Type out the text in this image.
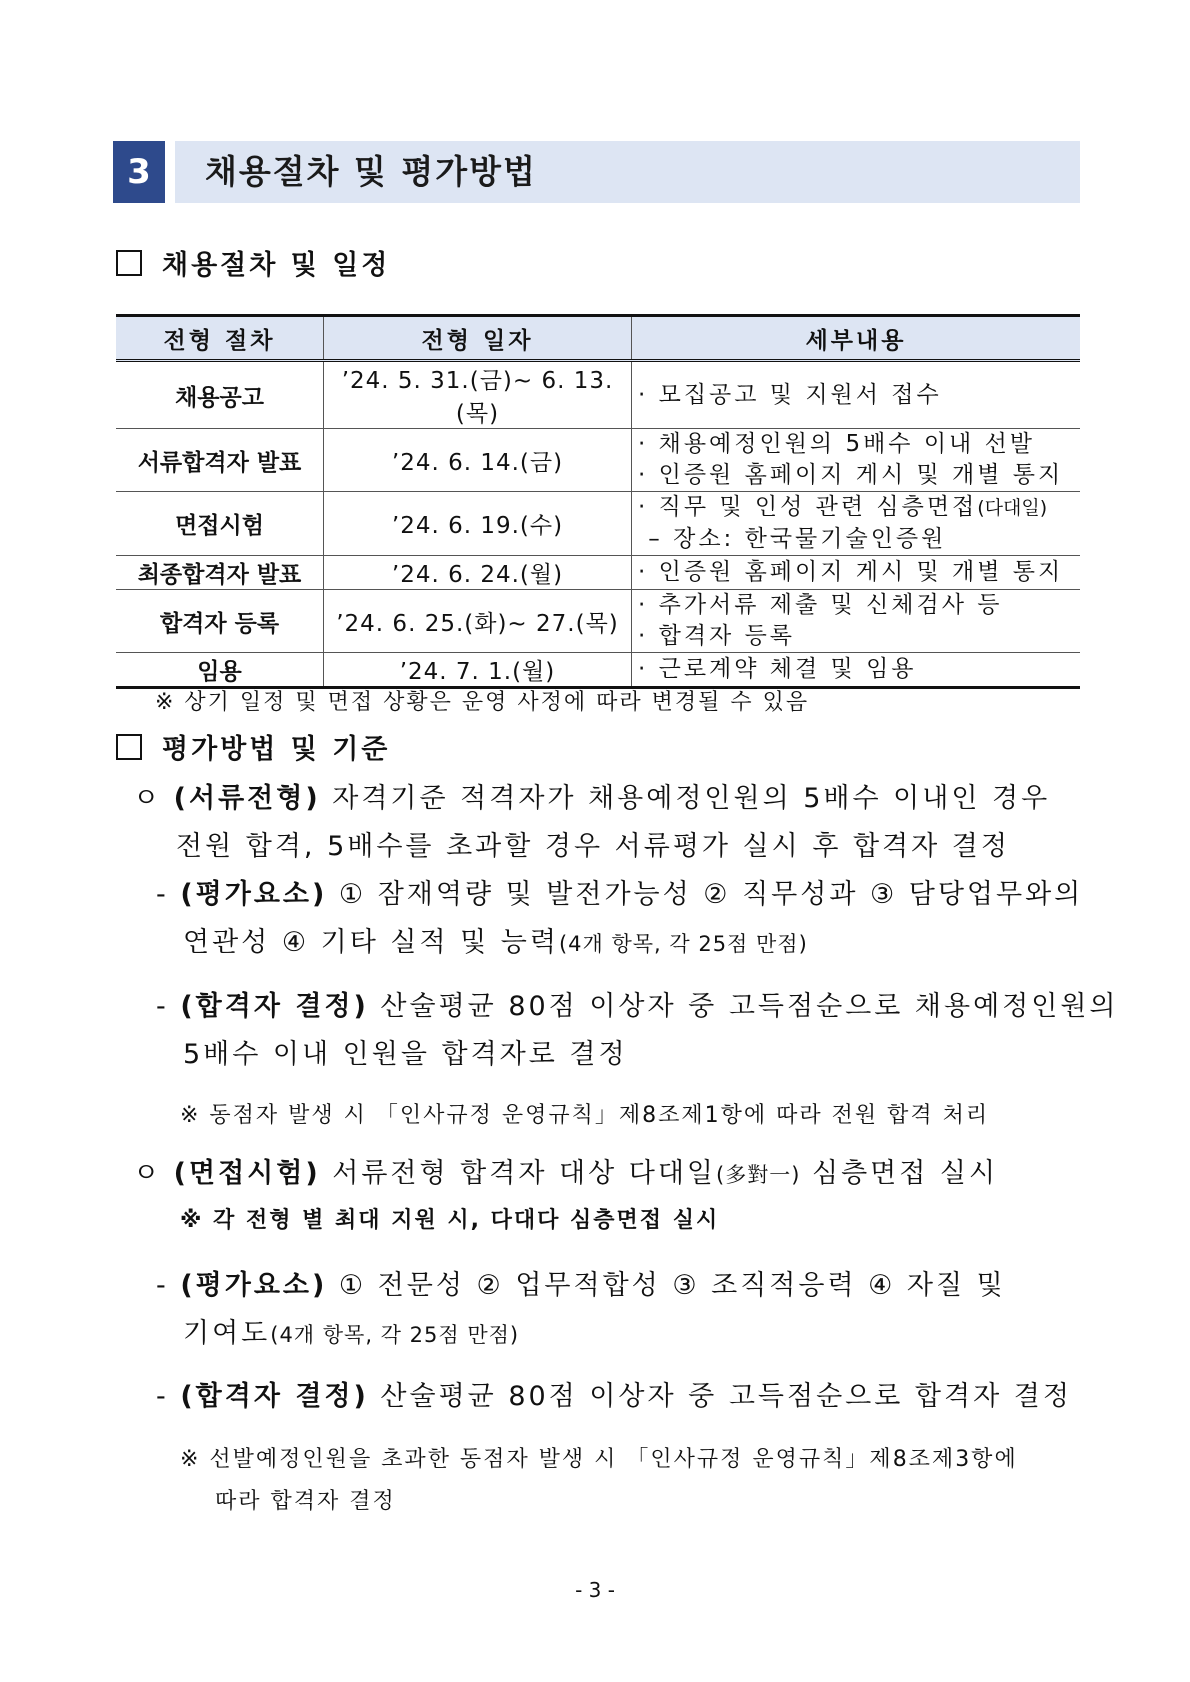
3	채용절차 및 평가방법
채용절차 및 일정
전형 절차	전형 일자	세부내용
채용공고	’24. 5. 31.(금)~ 6. 13.(목)	· 모집공고 및 지원서 접수

서류합격자 발표	’24. 6. 14.(금)	· 채용예정인원의 5배수 이내 선발
· 인증원 홈페이지 게시 및 개별 통지

면접시험	’24. 6. 19.(수)	· 직무 및 인성 관련 심층면접(다대일)
– 장소: 한국물기술인증원

최종합격자 발표	’24. 6. 24.(월)	· 인증원 홈페이지 게시 및 개별 통지

합격자 등록	’24. 6. 25.(화)~ 27.(목)	· 추가서류 제출 및 신체검사 등
· 합격자 등록

임용	’24. 7. 1.(월)	· 근로계약 체결 및 임용
※ 상기 일정 및 면접 상황은 운영 사정에 따라 변경될 수 있음
평가방법 및 기준
ㅇ (서류전형) 자격기준 적격자가 채용예정인원의 5배수 이내인 경우
전원 합격, 5배수를 초과할 경우 서류평가 실시 후 합격자 결정
- (평가요소) ① 잠재역량 및 발전가능성 ② 직무성과 ③ 담당업무와의
연관성 ④ 기타 실적 및 능력(4개 항목, 각 25점 만점)
- (합격자 결정) 산술평균 80점 이상자 중 고득점순으로 채용예정인원의
5배수 이내 인원을 합격자로 결정
※ 동점자 발생 시 「인사규정 운영규칙」제8조제1항에 따라 전원 합격 처리
ㅇ (면접시험) 서류전형 합격자 대상 다대일(多對一) 심층면접 실시
※ 각 전형 별 최대 지원 시, 다대다 심층면접 실시
- (평가요소) ① 전문성 ② 업무적합성 ③ 조직적응력 ④ 자질 및
기여도(4개 항목, 각 25점 만점)
- (합격자 결정) 산술평균 80점 이상자 중 고득점순으로 합격자 결정
※ 선발예정인원을 초과한 동점자 발생 시 「인사규정 운영규칙」제8조제3항에
따라 합격자 결정
- 3 -
